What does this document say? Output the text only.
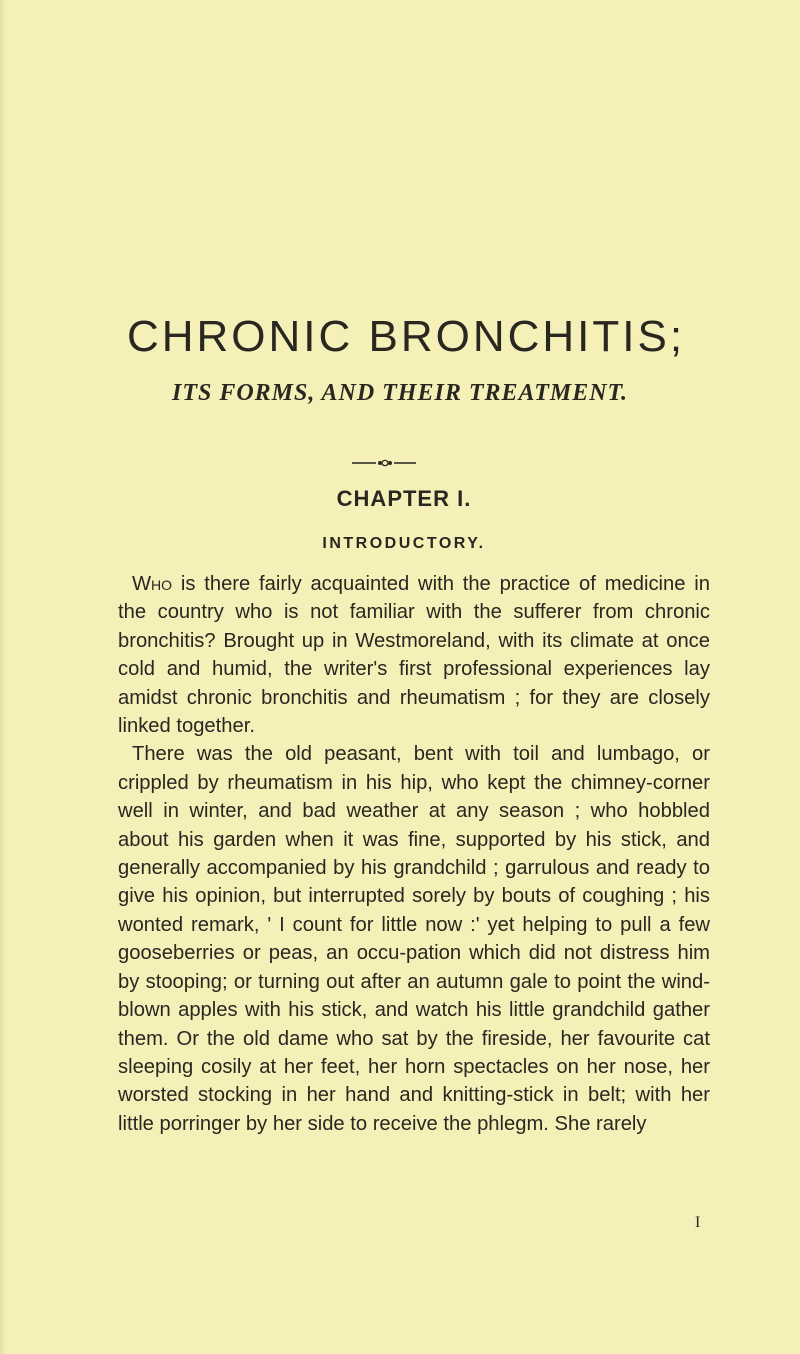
CHRONIC BRONCHITIS;
ITS FORMS, AND THEIR TREATMENT.
CHAPTER I.
INTRODUCTORY.

Who is there fairly acquainted with the practice of medicine in the country who is not familiar with the sufferer from chronic bronchitis? Brought up in Westmoreland, with its climate at once cold and humid, the writer's first professional experiences lay amidst chronic bronchitis and rheumatism ; for they are closely linked together.

There was the old peasant, bent with toil and lumbago, or crippled by rheumatism in his hip, who kept the chimney-corner well in winter, and bad weather at any season ; who hobbled about his garden when it was fine, supported by his stick, and generally accompanied by his grandchild ; garrulous and ready to give his opinion, but interrupted sorely by bouts of coughing ; his wonted remark, ' I count for little now :' yet helping to pull a few gooseberries or peas, an occu-pation which did not distress him by stooping; or turning out after an autumn gale to point the wind-blown apples with his stick, and watch his little grandchild gather them. Or the old dame who sat by the fireside, her favourite cat sleeping cosily at her feet, her horn spectacles on her nose, her worsted stocking in her hand and knitting-stick in belt; with her little porringer by her side to receive the phlegm. She rarely

I
